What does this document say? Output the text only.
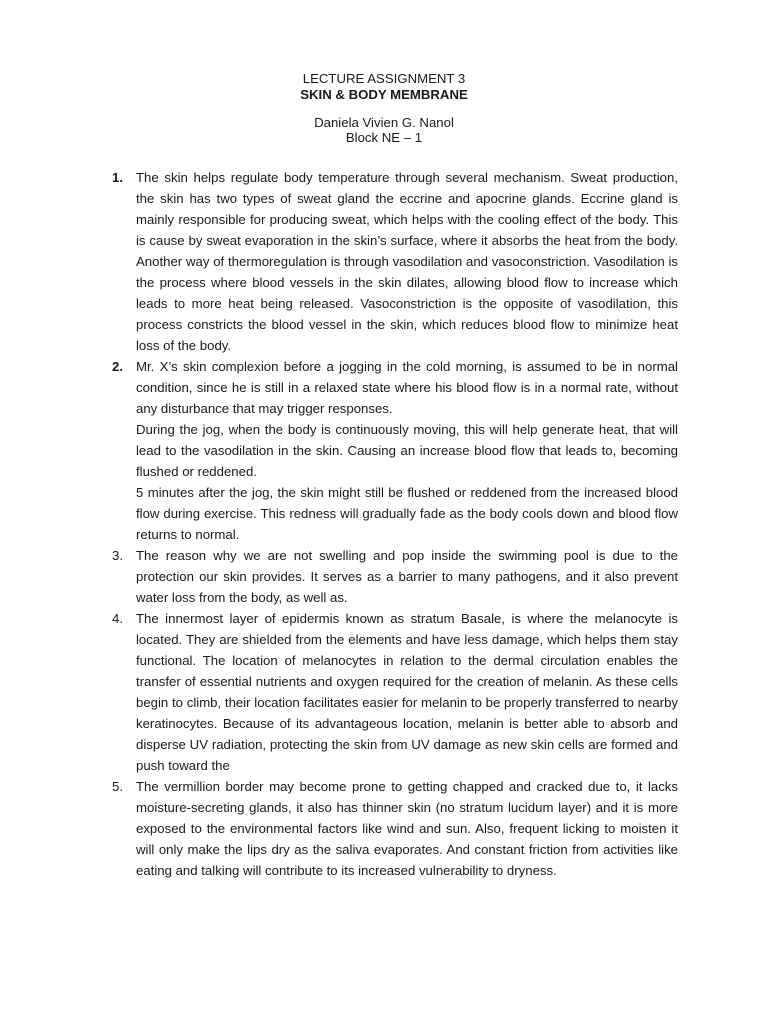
LECTURE ASSIGNMENT 3
SKIN & BODY MEMBRANE
Daniela Vivien G. Nanol
Block NE – 1
1. The skin helps regulate body temperature through several mechanism. Sweat production, the skin has two types of sweat gland the eccrine and apocrine glands. Eccrine gland is mainly responsible for producing sweat, which helps with the cooling effect of the body. This is cause by sweat evaporation in the skin’s surface, where it absorbs the heat from the body. Another way of thermoregulation is through vasodilation and vasoconstriction. Vasodilation is the process where blood vessels in the skin dilates, allowing blood flow to increase which leads to more heat being released. Vasoconstriction is the opposite of vasodilation, this process constricts the blood vessel in the skin, which reduces blood flow to minimize heat loss of the body.

2. Mr. X’s skin complexion before a jogging in the cold morning, is assumed to be in normal condition, since he is still in a relaxed state where his blood flow is in a normal rate, without any disturbance that may trigger responses.

During the jog, when the body is continuously moving, this will help generate heat, that will lead to the vasodilation in the skin. Causing an increase blood flow that leads to, becoming flushed or reddened.

5 minutes after the jog, the skin might still be flushed or reddened from the increased blood flow during exercise. This redness will gradually fade as the body cools down and blood flow returns to normal.

3. The reason why we are not swelling and pop inside the swimming pool is due to the protection our skin provides. It serves as a barrier to many pathogens, and it also prevent water loss from the body, as well as.

4. The innermost layer of epidermis known as stratum Basale, is where the melanocyte is located. They are shielded from the elements and have less damage, which helps them stay functional. The location of melanocytes in relation to the dermal circulation enables the transfer of essential nutrients and oxygen required for the creation of melanin. As these cells begin to climb, their location facilitates easier for melanin to be properly transferred to nearby keratinocytes. Because of its advantageous location, melanin is better able to absorb and disperse UV radiation, protecting the skin from UV damage as new skin cells are formed and push toward the

5. The vermillion border may become prone to getting chapped and cracked due to, it lacks moisture-secreting glands, it also has thinner skin (no stratum lucidum layer) and it is more exposed to the environmental factors like wind and sun. Also, frequent licking to moisten it will only make the lips dry as the saliva evaporates. And constant friction from activities like eating and talking will contribute to its increased vulnerability to dryness.
